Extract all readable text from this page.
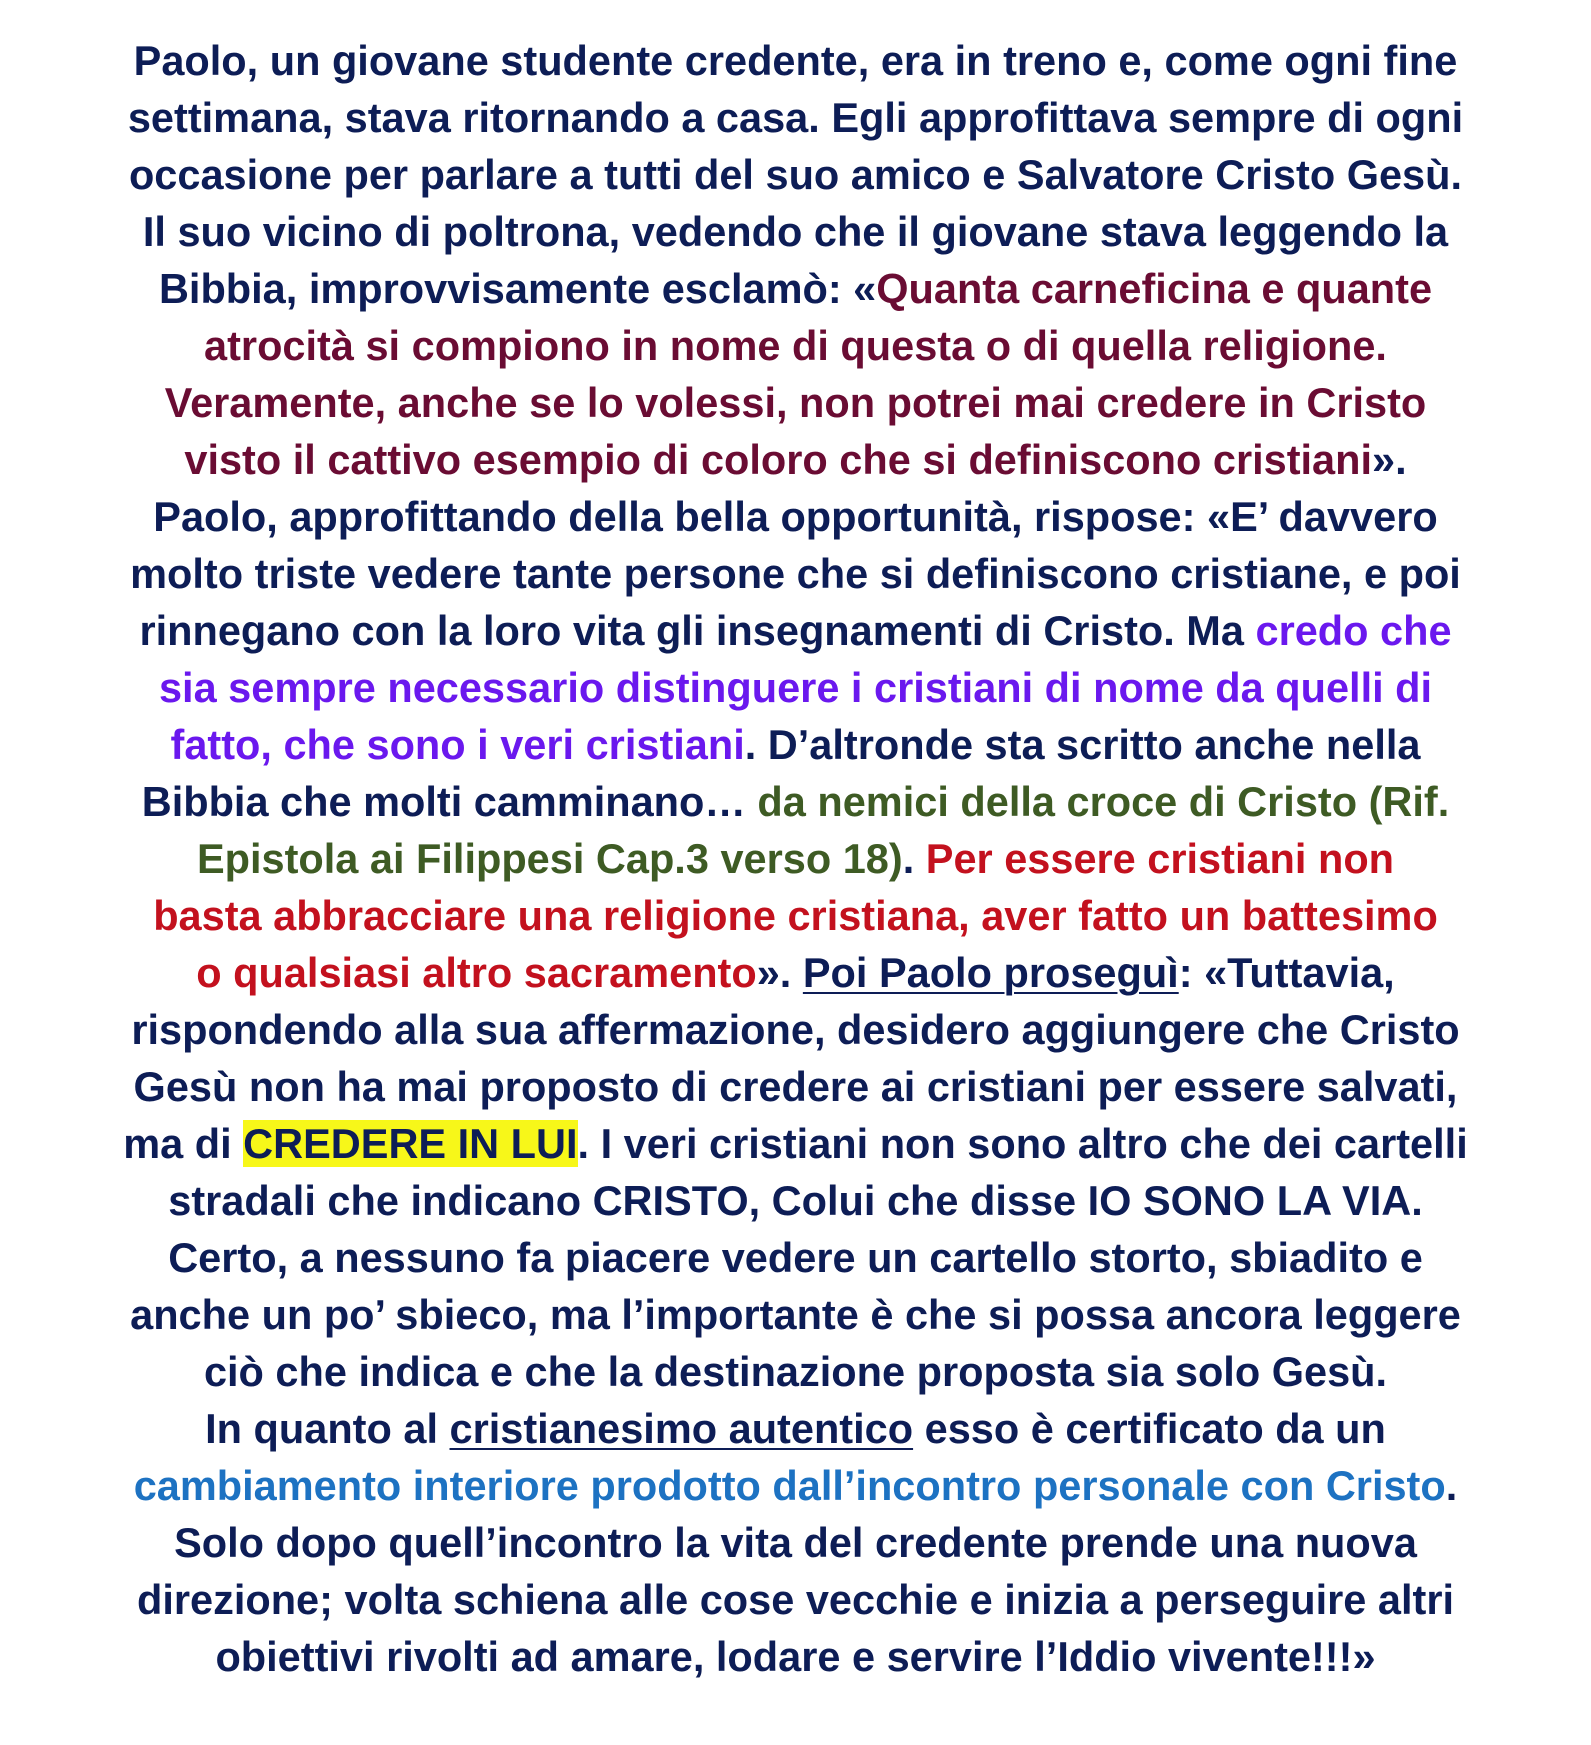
Paolo, un giovane studente credente, era in treno e, come ogni fine
settimana, stava ritornando a casa. Egli approfittava sempre di ogni
occasione per parlare a tutti del suo amico e Salvatore Cristo Gesù.
Il suo vicino di poltrona, vedendo che il giovane stava leggendo la
Bibbia, improvvisamente esclamò: «Quanta carneficina e quante
atrocità si compiono in nome di questa o di quella religione.
Veramente, anche se lo volessi, non potrei mai credere in Cristo
visto il cattivo esempio di coloro che si definiscono cristiani».
Paolo, approfittando della bella opportunità, rispose: «E’ davvero
molto triste vedere tante persone che si definiscono cristiane, e poi
rinnegano con la loro vita gli insegnamenti di Cristo. Ma credo che
sia sempre necessario distinguere i cristiani di nome da quelli di
fatto, che sono i veri cristiani. D’altronde sta scritto anche nella
Bibbia che molti camminano… da nemici della croce di Cristo (Rif.
Epistola ai Filippesi Cap.3 verso 18). Per essere cristiani non
basta abbracciare una religione cristiana, aver fatto un battesimo
o qualsiasi altro sacramento». Poi Paolo proseguì: «Tuttavia,
rispondendo alla sua affermazione, desidero aggiungere che Cristo
Gesù non ha mai proposto di credere ai cristiani per essere salvati,
ma di CREDERE IN LUI. I veri cristiani non sono altro che dei cartelli
stradali che indicano CRISTO, Colui che disse IO SONO LA VIA.
Certo, a nessuno fa piacere vedere un cartello storto, sbiadito e
anche un po’ sbieco, ma l’importante è che si possa ancora leggere
ciò che indica e che la destinazione proposta sia solo Gesù.
In quanto al cristianesimo autentico esso è certificato da un
cambiamento interiore prodotto dall’incontro personale con Cristo.
Solo dopo quell’incontro la vita del credente prende una nuova
direzione; volta schiena alle cose vecchie e inizia a perseguire altri
obiettivi rivolti ad amare, lodare e servire l’Iddio vivente!!!»
